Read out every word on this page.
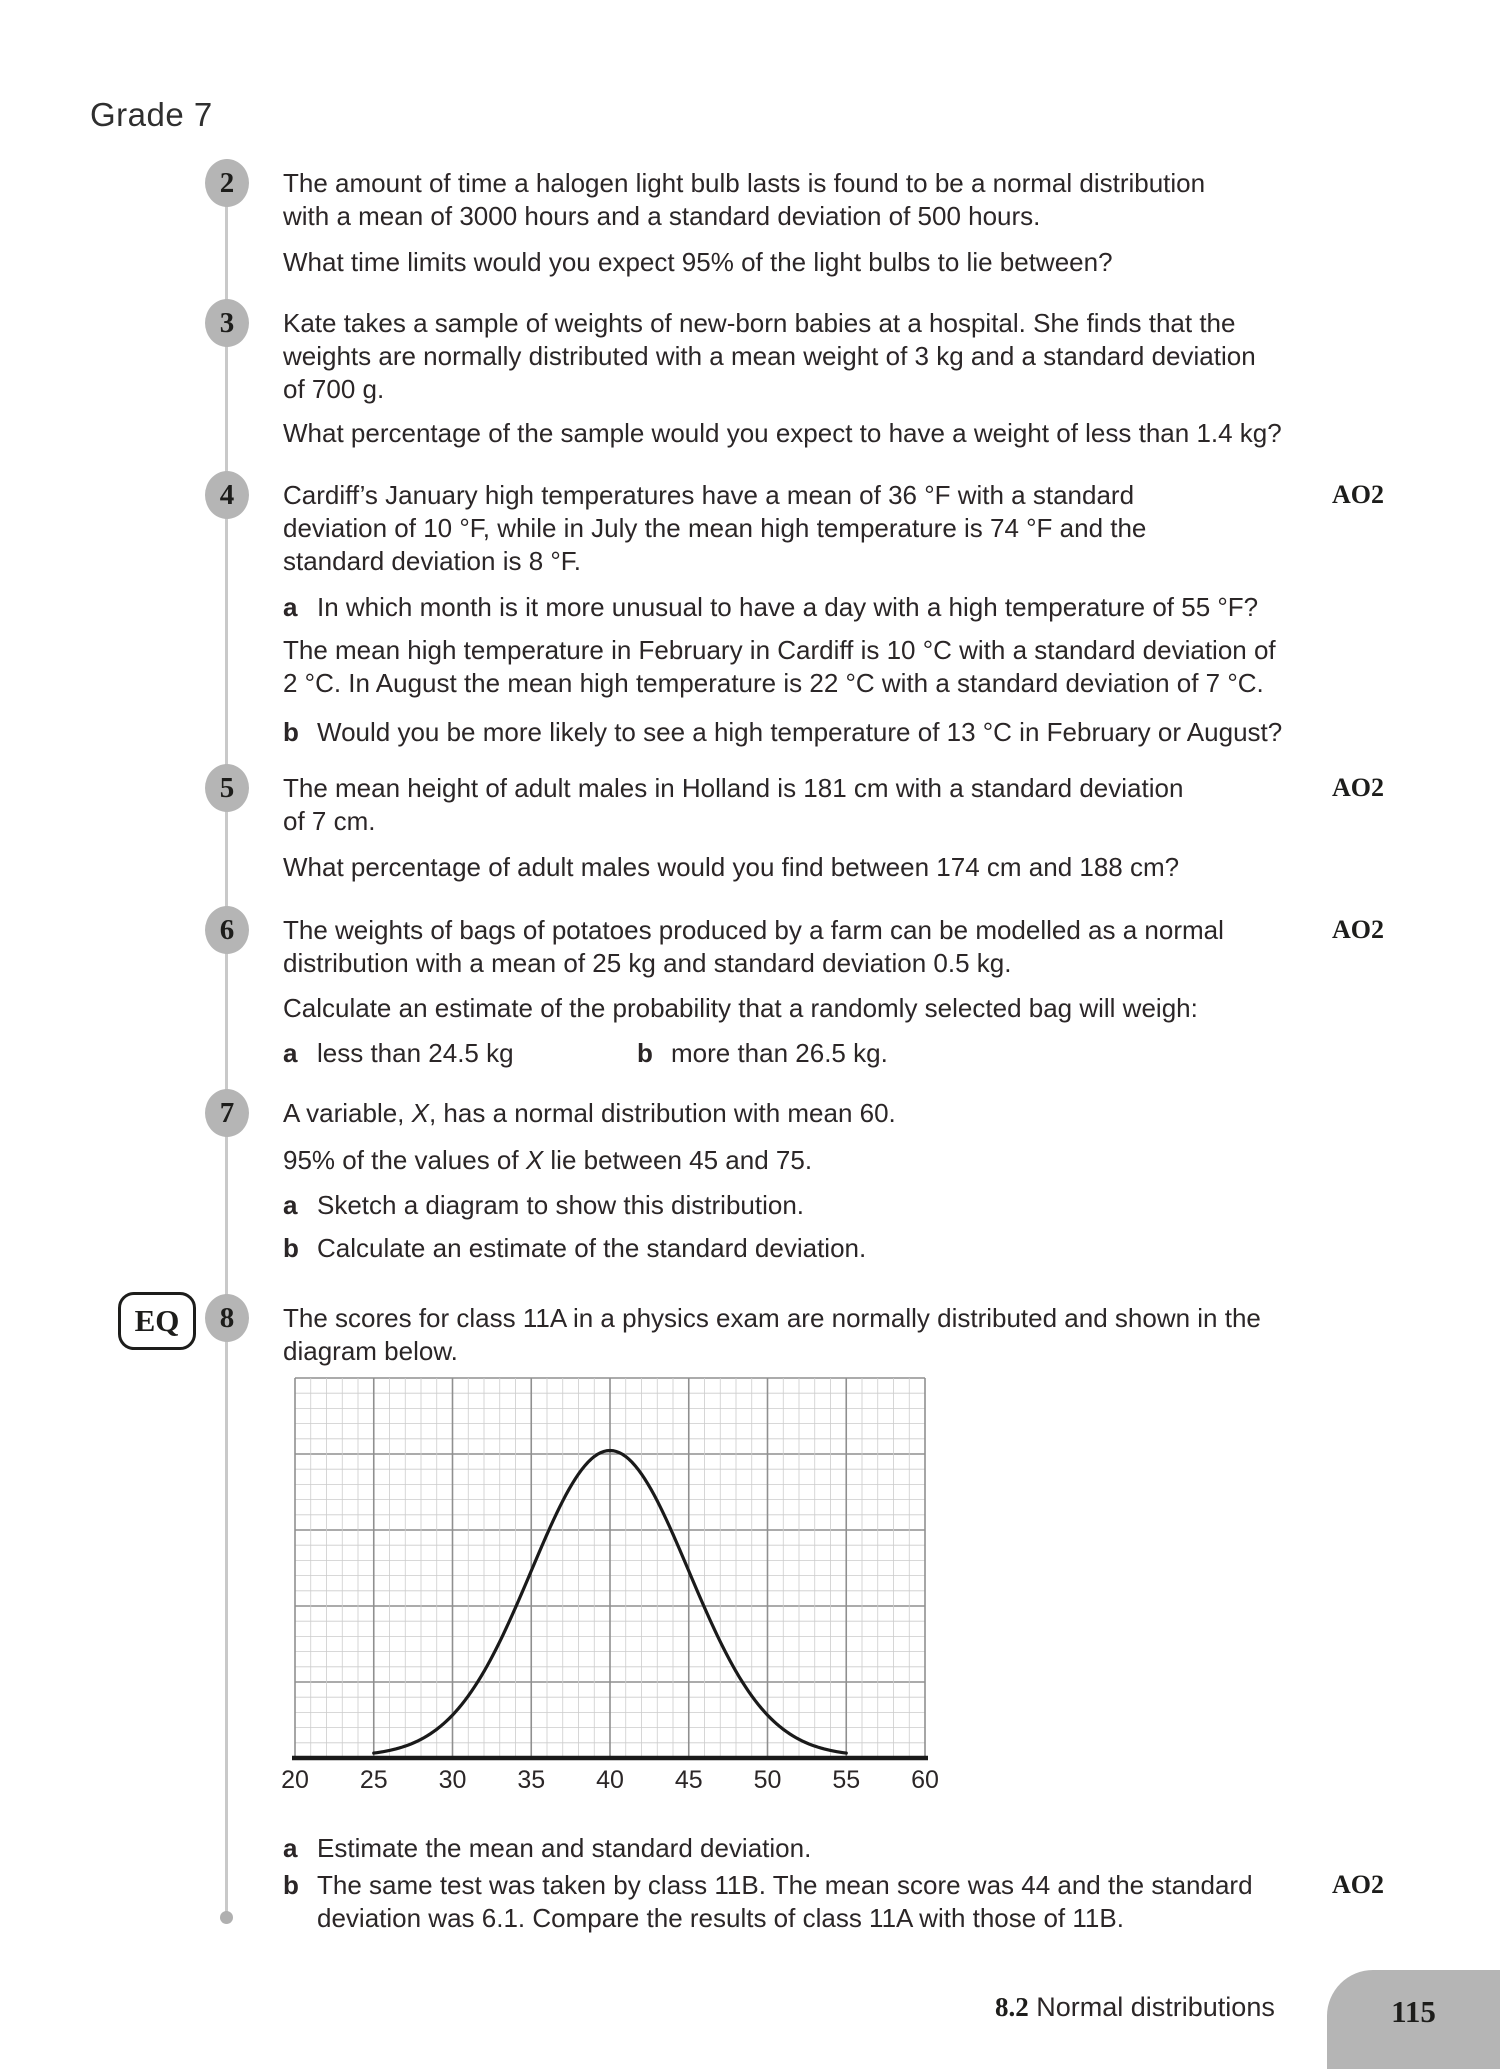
Grade 7
2 The amount of time a halogen light bulb lasts is found to be a normal distribution
with a mean of 3000 hours and a standard deviation of 500 hours.
What time limits would you expect 95% of the light bulbs to lie between?
3 Kate takes a sample of weights of new-born babies at a hospital. She finds that the
weights are normally distributed with a mean weight of 3 kg and a standard deviation
of 700 g.
What percentage of the sample would you expect to have a weight of less than 1.4 kg?
4	AO2
Cardiff’s January high temperatures have a mean of 36 °F with a standard
deviation of 10 °F, while in July the mean high temperature is 74 °F and the
standard deviation is 8 °F.
a In which month is it more unusual to have a day with a high temperature of 55 °F?
The mean high temperature in February in Cardiff is 10 °C with a standard deviation of
2 °C. In August the mean high temperature is 22 °C with a standard deviation of 7 °C.
b Would you be more likely to see a high temperature of 13 °C in February or August?
5	AO2
The mean height of adult males in Holland is 181 cm with a standard deviation
of 7 cm.
What percentage of adult males would you find between 174 cm and 188 cm?
6	AO2
The weights of bags of potatoes produced by a farm can be modelled as a normal
distribution with a mean of 25 kg and standard deviation 0.5 kg.
Calculate an estimate of the probability that a randomly selected bag will weigh:
a less than 24.5 kg	b more than 26.5 kg.
7 A variable, X, has a normal distribution with mean 60.
95% of the values of X lie between 45 and 75.
a Sketch a diagram to show this distribution.
b Calculate an estimate of the standard deviation.
EQ 8 The scores for class 11A in a physics exam are normally distributed and shown in the
diagram below.
20 25 30 35 40 45 50 55 60
a Estimate the mean and standard deviation.
AO2
b The same test was taken by class 11B. The mean score was 44 and the standard
deviation was 6.1. Compare the results of class 11A with those of 11B.
8.2 Normal distributions	115
